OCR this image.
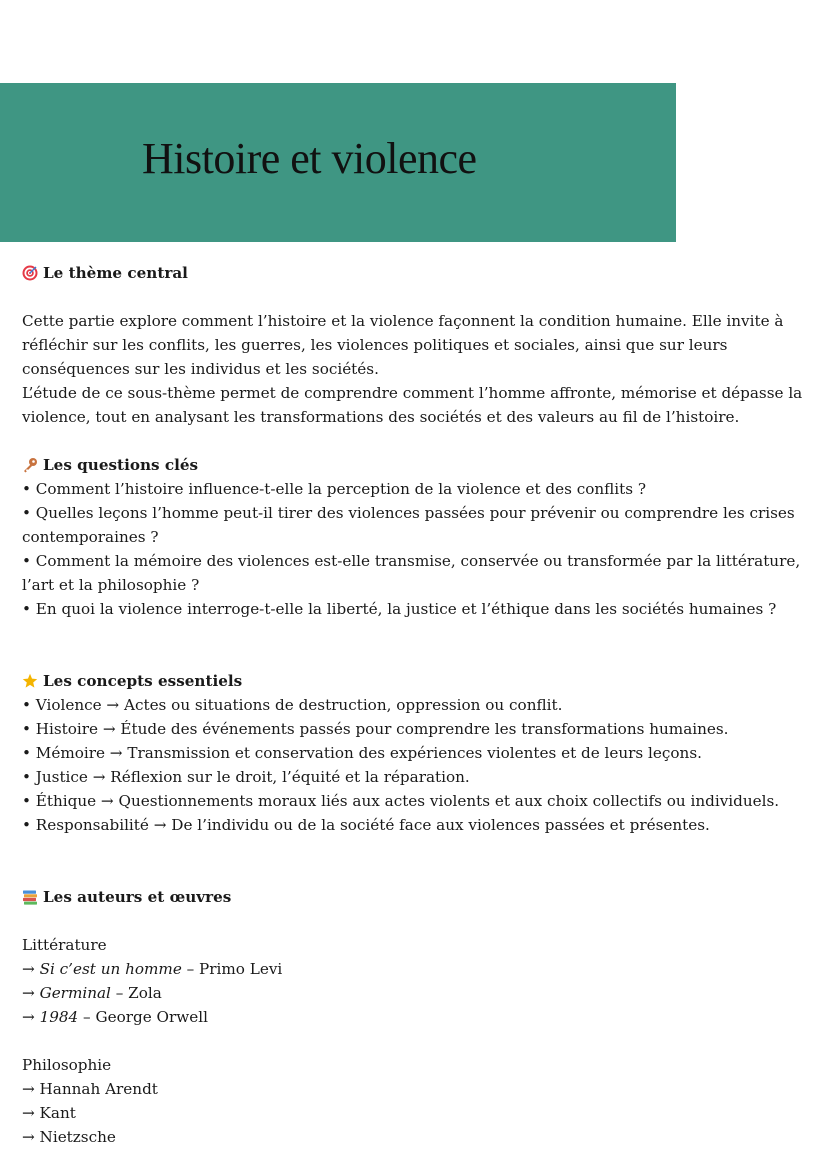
Histoire et violence
Le thème central

Cette partie explore comment l’histoire et la violence façonnent la condition humaine. Elle invite à réfléchir sur les conflits, les guerres, les violences politiques et sociales, ainsi que sur leurs conséquences sur les individus et les sociétés.

L’étude de ce sous-thème permet de comprendre comment l’homme affronte, mémorise et dépasse la violence, tout en analysant les transformations des sociétés et des valeurs au fil de l’histoire.

Les questions clés

• Comment l’histoire influence-t-elle la perception de la violence et des conflits ?

• Quelles leçons l’homme peut-il tirer des violences passées pour prévenir ou comprendre les crises contemporaines ?

• Comment la mémoire des violences est-elle transmise, conservée ou transformée par la littérature, l’art et la philosophie ?

• En quoi la violence interroge-t-elle la liberté, la justice et l’éthique dans les sociétés humaines ?

Les concepts essentiels

• Violence → Actes ou situations de destruction, oppression ou conflit.

• Histoire → Étude des événements passés pour comprendre les transformations humaines.

• Mémoire → Transmission et conservation des expériences violentes et de leurs leçons.

• Justice → Réflexion sur le droit, l’équité et la réparation.

• Éthique → Questionnements moraux liés aux actes violents et aux choix collectifs ou individuels.

• Responsabilité → De l’individu ou de la société face aux violences passées et présentes.

Les auteurs et œuvres

Littérature

→ Si c’est un homme – Primo Levi

→ Germinal – Zola

→ 1984 – George Orwell

Philosophie

→ Hannah Arendt

→ Kant

→ Nietzsche
